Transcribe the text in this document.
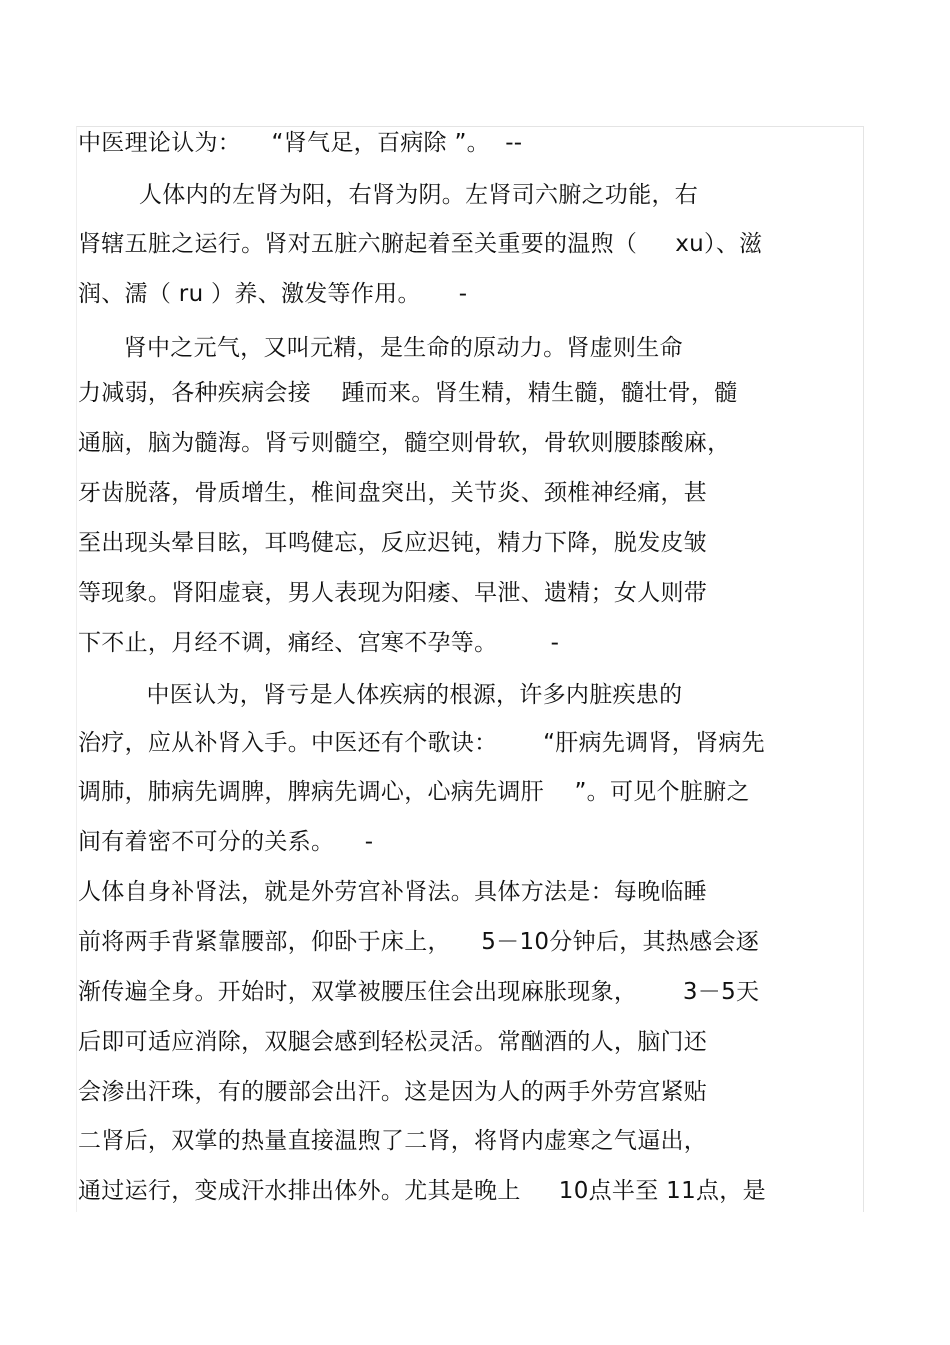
中医理论认为：    “肾气足，百病除 ”。  --
人体内的左肾为阳，右肾为阴。左肾司六腑之功能，右
肾辖五脏之运行。肾对五脏六腑起着至关重要的温煦（     xu）、滋
润、濡（ ru ）养、激发等作用。     -
肾中之元气，又叫元精，是生命的原动力。肾虚则生命
力减弱，各种疾病会接    踵而来。肾生精，精生髓，髓壮骨，髓
通脑，脑为髓海。肾亏则髓空，髓空则骨软，骨软则腰膝酸麻，
牙齿脱落，骨质增生，椎间盘突出，关节炎、颈椎神经痛，甚
至出现头晕目眩，耳鸣健忘，反应迟钝，精力下降，脱发皮皱
等现象。肾阳虚衰，男人表现为阳痿、早泄、遗精；女人则带
下不止，月经不调，痛经、宫寒不孕等。       -
中医认为，肾亏是人体疾病的根源，许多内脏疾患的
治疗，应从补肾入手。中医还有个歌诀：      “肝病先调肾，肾病先
调肺，肺病先调脾，脾病先调心，心病先调肝    ”。可见个脏腑之
间有着密不可分的关系。    -
人体自身补肾法，就是外劳宫补肾法。具体方法是：每晚临睡
前将两手背紧靠腰部，仰卧于床上，    5－10分钟后，其热感会逐
渐传遍全身。开始时，双掌被腰压住会出现麻胀现象，      3－5天
后即可适应消除，双腿会感到轻松灵活。常酗酒的人，脑门还
会渗出汗珠，有的腰部会出汗。这是因为人的两手外劳宫紧贴
二肾后，双掌的热量直接温煦了二肾，将肾内虚寒之气逼出，
通过运行，变成汗水排出体外。尤其是晚上     10点半至 11点，是
